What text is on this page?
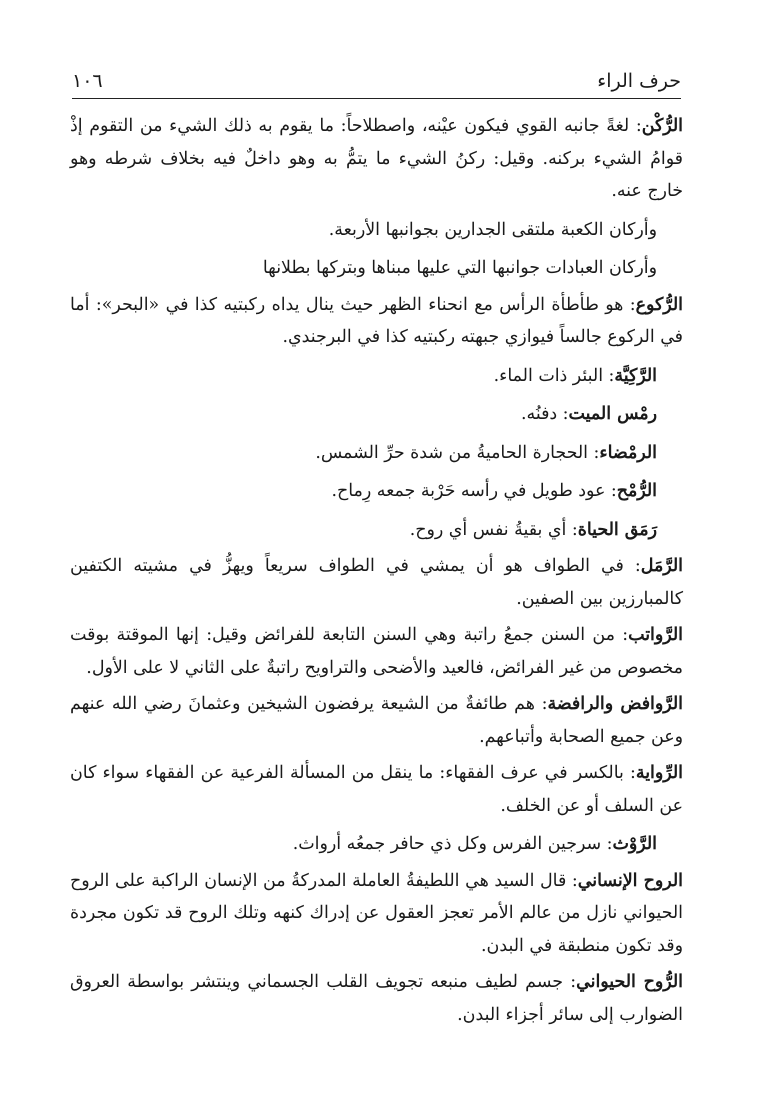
١٠٦	حرف الراء

الرُّكْن: لغةً جانبه القوي فيكون عيْنه، واصطلاحاً: ما يقوم به ذلك الشيء من التقوم إذْ قوامُ الشيء بركنه. وقيل: ركنُ الشيء ما يتمُّ به وهو داخلٌ فيه بخلاف شرطه وهو خارج عنه.

وأركان الكعبة ملتقى الجدارين بجوانبها الأربعة.

وأركان العبادات جوانبها التي عليها مبناها وبتركها بطلانها

الرُّكوع: هو طأطأة الرأس مع انحناء الظهر حيث ينال يداه ركبتيه كذا في «البحر»: أما في الركوع جالساً فيوازي جبهته ركبتيه كذا في البرجندي.

الرَّكِيَّة: البئر ذات الماء.

رمْس الميت: دفنُه.

الرمْضاء: الحجارة الحاميةُ من شدة حرِّ الشمس.

الرُّمْح: عود طويل في رأسه حَرْبة جمعه رِماح.

رَمَق الحياة: أي بقيةُ نفس أي روح.

الرَّمَل: في الطواف هو أن يمشي في الطواف سريعاً ويهزُّ في مشيته الكتفين كالمبارزين بين الصفين.

الرَّواتب: من السنن جمعُ راتبة وهي السنن التابعة للفرائض وقيل: إنها الموقتة بوقت مخصوص من غير الفرائض، فالعيد والأضحى والتراويح راتبةٌ على الثاني لا على الأول.

الرَّوافض والرافضة: هم طائفةٌ من الشيعة يرفضون الشيخين وعثمانَ رضي الله عنهم وعن جميع الصحابة وأتباعهم.

الرِّواية: بالكسر في عرف الفقهاء: ما ينقل من المسألة الفرعية عن الفقهاء سواء كان عن السلف أو عن الخلف.

الرَّوْث: سرجين الفرس وكل ذي حافر جمعُه أرواث.

الروح الإنساني: قال السيد هي اللطيفةُ العاملة المدركةُ من الإنسان الراكبة على الروح الحيواني نازل من عالم الأمر تعجز العقول عن إدراك كنهه وتلك الروح قد تكون مجردة وقد تكون منطبقة في البدن.

الرُّوح الحيواني: جسم لطيف منبعه تجويف القلب الجسماني وينتشر بواسطة العروق الضوارب إلى سائر أجزاء البدن.
